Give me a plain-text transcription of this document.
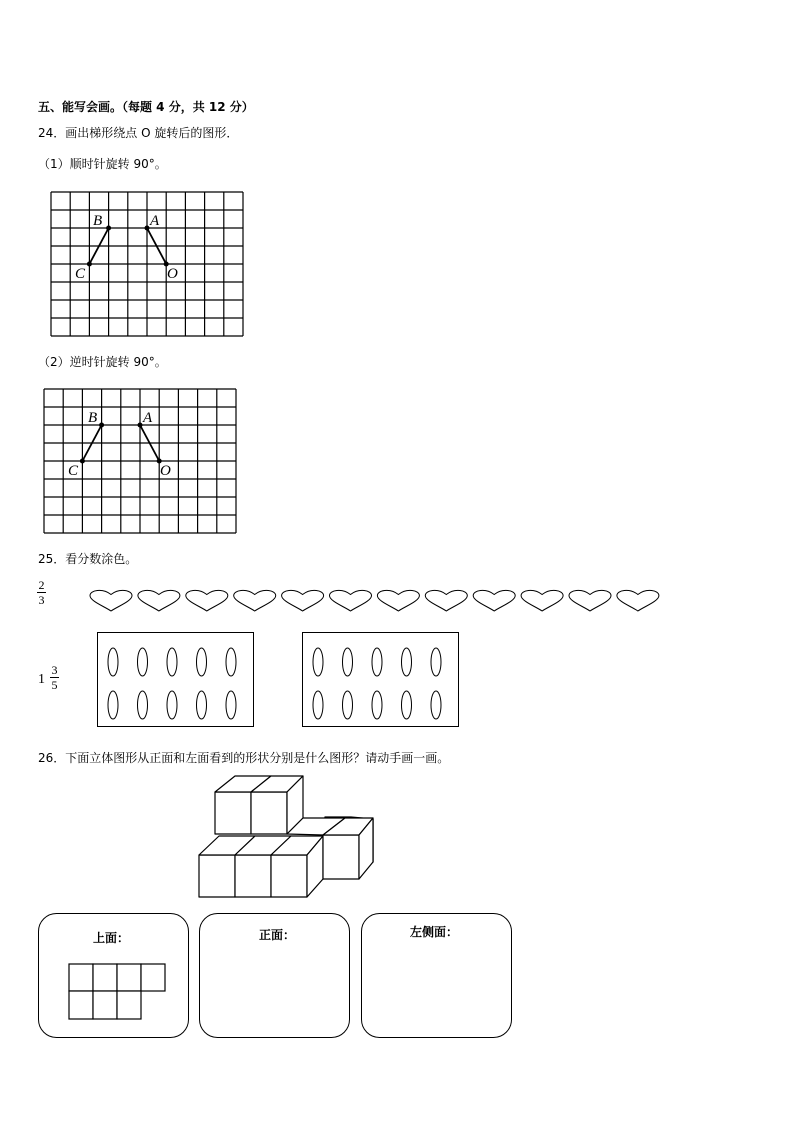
五、能写会画。（每题 4 分，共 12 分）
24．画出梯形绕点 O 旋转后的图形．
（1）顺时针旋转 90°。
B	A
C	O
（2）逆时针旋转 90°。
B	A
C	O
25．看分数涂色。
2
3
1
3
5
26．下面立体图形从正面和左面看到的形状分别是什么图形？请动手画一画。
上面：	正面：	左侧面：
